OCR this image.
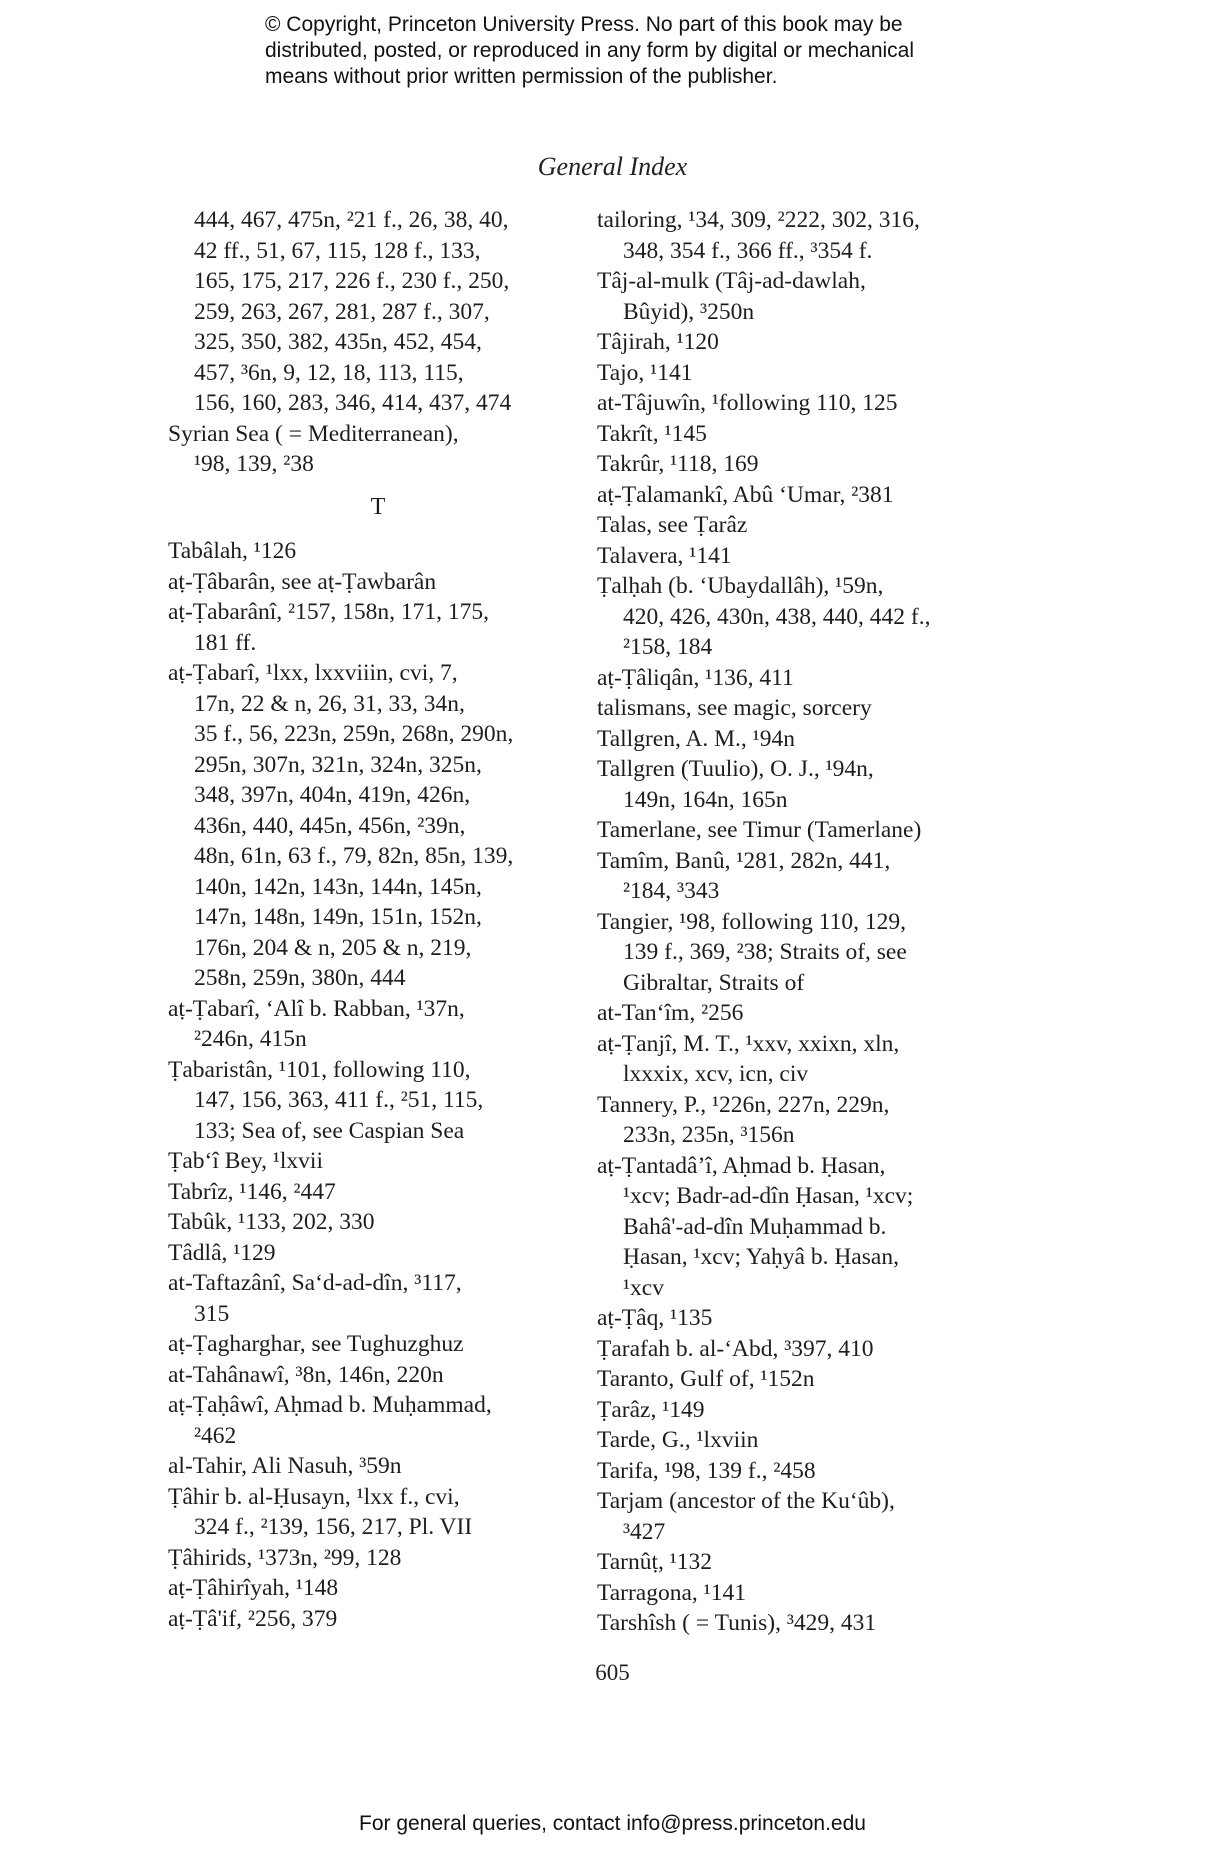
© Copyright, Princeton University Press. No part of this book may be
distributed, posted, or reproduced in any form by digital or mechanical
means without prior written permission of the publisher.
General Index
444, 467, 475n, ²21 f., 26, 38, 40,
42 ff., 51, 67, 115, 128 f., 133,
165, 175, 217, 226 f., 230 f., 250,
259, 263, 267, 281, 287 f., 307,
325, 350, 382, 435n, 452, 454,
457, ³6n, 9, 12, 18, 113, 115,
156, 160, 283, 346, 414, 437, 474
Syrian Sea ( = Mediterranean),
¹98, 139, ²38
T
Tabâlah, ¹126
aṭ-Ṭâbarân, see aṭ-Ṭawbarân
aṭ-Ṭabarânî, ²157, 158n, 171, 175,
181 ff.
aṭ-Ṭabarî, ¹lxx, lxxviiin, cvi, 7,
17n, 22 & n, 26, 31, 33, 34n,
35 f., 56, 223n, 259n, 268n, 290n,
295n, 307n, 321n, 324n, 325n,
348, 397n, 404n, 419n, 426n,
436n, 440, 445n, 456n, ²39n,
48n, 61n, 63 f., 79, 82n, 85n, 139,
140n, 142n, 143n, 144n, 145n,
147n, 148n, 149n, 151n, 152n,
176n, 204 & n, 205 & n, 219,
258n, 259n, 380n, 444
aṭ-Ṭabarî, ʻAlî b. Rabban, ¹37n,
²246n, 415n
Ṭabaristân, ¹101, following 110,
147, 156, 363, 411 f., ²51, 115,
133; Sea of, see Caspian Sea
Ṭabʻî Bey, ¹lxvii
Tabrîz, ¹146, ²447
Tabûk, ¹133, 202, 330
Tâdlâ, ¹129
at-Taftazânî, Saʻd-ad-dîn, ³117,
315
aṭ-Ṭagharghar, see Tughuzghuz
at-Tahânawî, ³8n, 146n, 220n
aṭ-Ṭaḥâwî, Aḥmad b. Muḥammad,
²462
al-Tahir, Ali Nasuh, ³59n
Ṭâhir b. al-Ḥusayn, ¹lxx f., cvi,
324 f., ²139, 156, 217, Pl. VII
Ṭâhirids, ¹373n, ²99, 128
aṭ-Ṭâhirîyah, ¹148
aṭ-Ṭâ'if, ²256, 379
tailoring, ¹34, 309, ²222, 302, 316,
348, 354 f., 366 ff., ³354 f.
Tâj-al-mulk (Tâj-ad-dawlah,
Bûyid), ³250n
Tâjirah, ¹120
Tajo, ¹141
at-Tâjuwîn, ¹following 110, 125
Takrît, ¹145
Takrûr, ¹118, 169
aṭ-Ṭalamankî, Abû ʻUmar, ²381
Talas, see Ṭarâz
Talavera, ¹141
Ṭalḥah (b. ʻUbaydallâh), ¹59n,
420, 426, 430n, 438, 440, 442 f.,
²158, 184
aṭ-Ṭâliqân, ¹136, 411
talismans, see magic, sorcery
Tallgren, A. M., ¹94n
Tallgren (Tuulio), O. J., ¹94n,
149n, 164n, 165n
Tamerlane, see Timur (Tamerlane)
Tamîm, Banû, ¹281, 282n, 441,
²184, ³343
Tangier, ¹98, following 110, 129,
139 f., 369, ²38; Straits of, see
Gibraltar, Straits of
at-Tanʻîm, ²256
aṭ-Ṭanjî, M. T., ¹xxv, xxixn, xln,
lxxxix, xcv, icn, civ
Tannery, P., ¹226n, 227n, 229n,
233n, 235n, ³156n
aṭ-Ṭantadâʼî, Aḥmad b. Ḥasan,
¹xcv; Badr-ad-dîn Ḥasan, ¹xcv;
Bahâ'-ad-dîn Muḥammad b.
Ḥasan, ¹xcv; Yaḥyâ b. Ḥasan,
¹xcv
aṭ-Ṭâq, ¹135
Ṭarafah b. al-ʻAbd, ³397, 410
Taranto, Gulf of, ¹152n
Ṭarâz, ¹149
Tarde, G., ¹lxviin
Tarifa, ¹98, 139 f., ²458
Tarjam (ancestor of the Kuʻûb),
³427
Tarnûṭ, ¹132
Tarragona, ¹141
Tarshîsh ( = Tunis), ³429, 431
605
For general queries, contact info@press.princeton.edu
